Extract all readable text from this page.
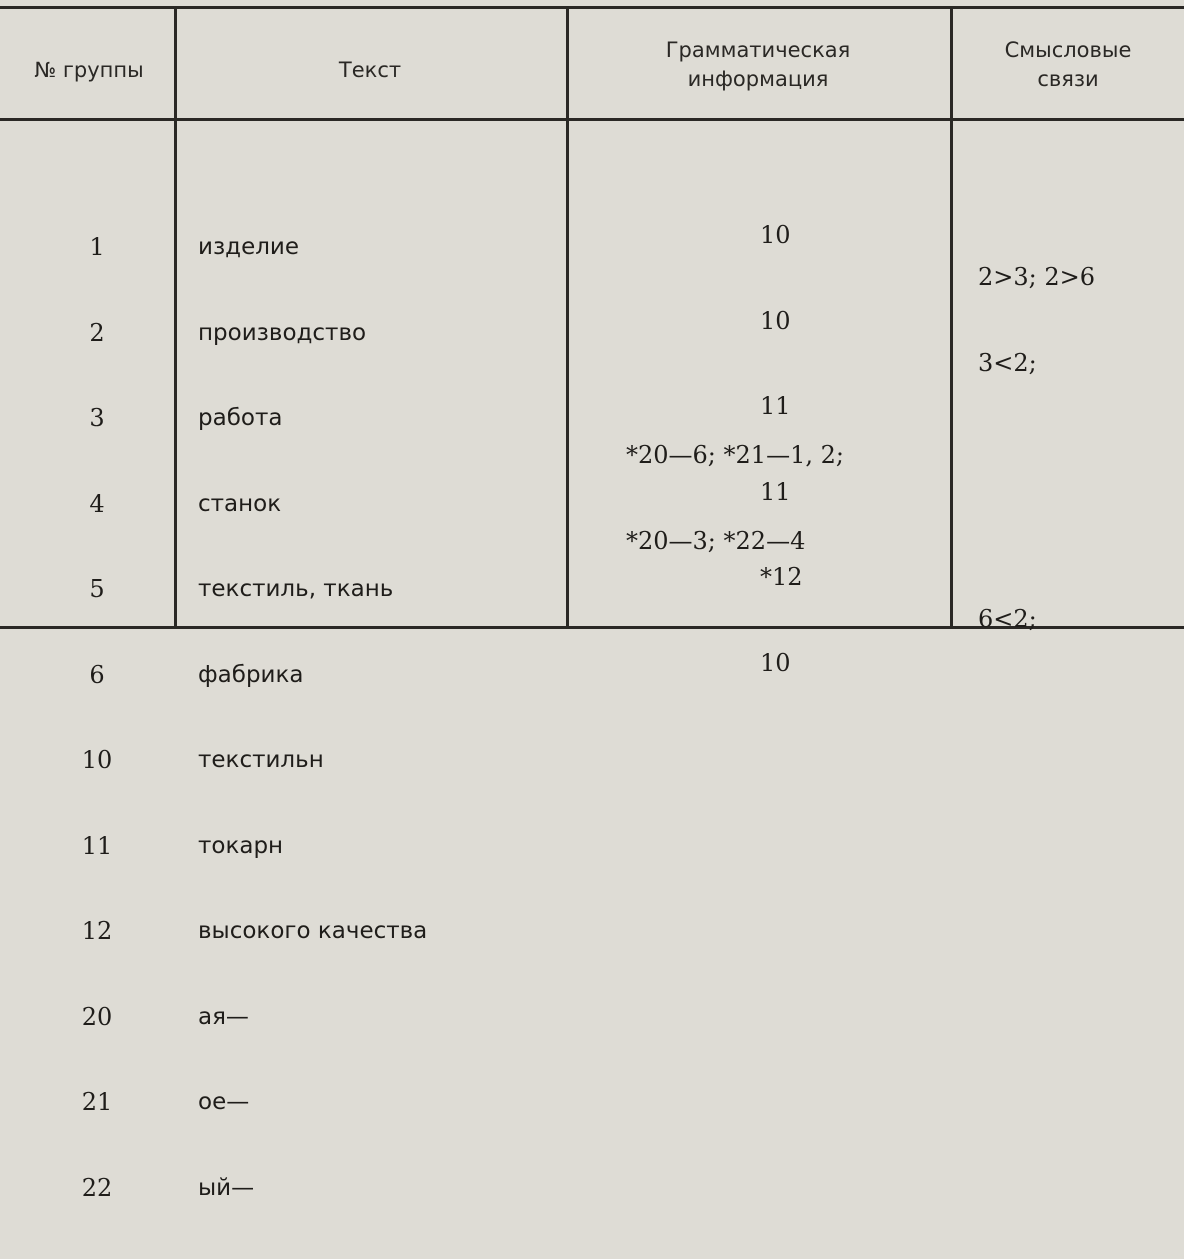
№ группы	Текст
Грамматическая
информация
Смысловые
связи

1

2

3

4

5

6

10

11

12

20

21

22

изделие

производство

работа

станок

текстиль, ткань

фабрика

текстильн

токарн

высокого качества

ая—

ое—

ый—

10

10

11

11

*12

10

*20—6; *21—1, 2;

*20—3; *22—4

2>3; 2>6

3<2;

6<2;
